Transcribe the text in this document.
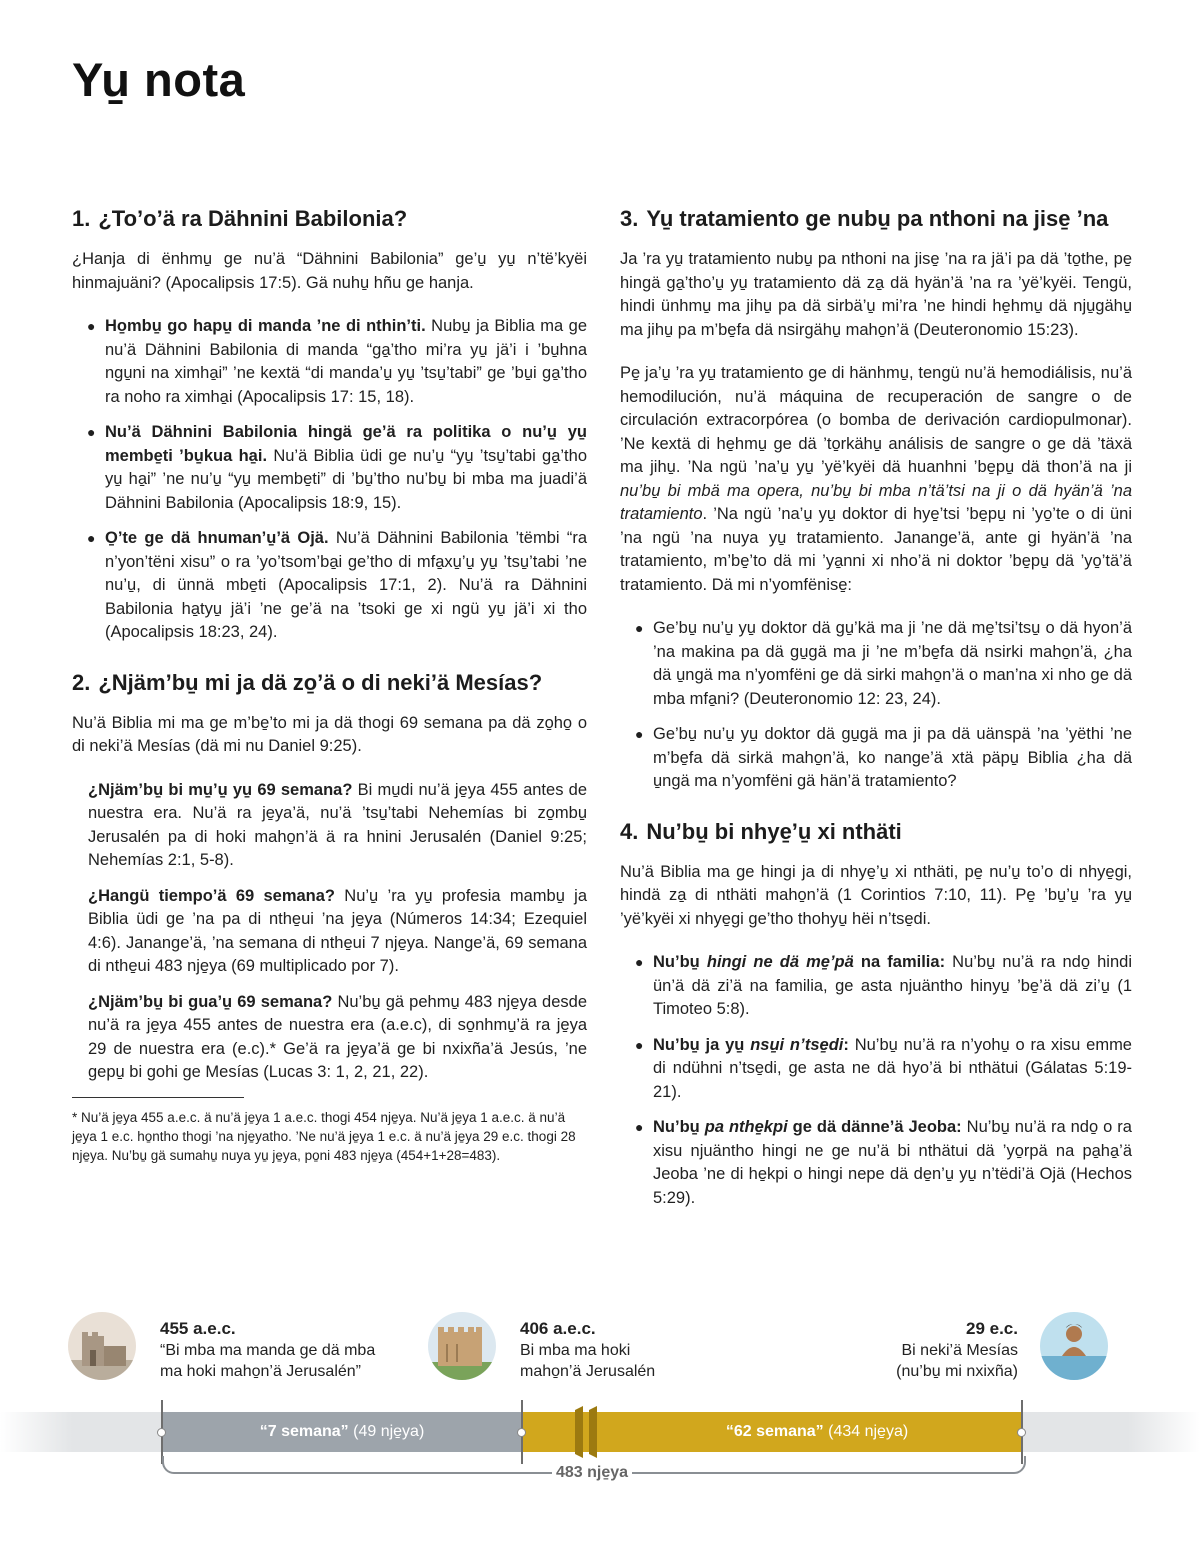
Yu̱ nota
1. ¿To’o’ä ra Dähnini Babilonia?

¿Hanja di ënhmu̱ ge nu’ä “Dähnini Babilonia” ge’u̱ yu̱ n’të’kyëi hinmajuäni? (Apocalipsis 17:5). Gä nuhu̱ hñu ge hanja.

● Ho̱mbu̱ go hapu̱ di manda ’ne di nthin’ti. Nubu̱ ja Biblia ma ge nu’ä Dähnini Babilonia di manda “ga̱’tho mi’ra yu̱ jä’i i ’bu̱hna ngu̱ni na ximha̱i” ’ne kextä “di manda’u̱ yu̱ ’tsu̱’tabi” ge ’bu̱i ga̱’tho ra noho ra ximha̱i (Apocalipsis 17: 15, 18).
● Nu’ä Dähnini Babilonia hingä ge’ä ra politika o nu’u̱ yu̱ membe̱ti ’bu̱kua ha̱i. Nu’ä Biblia üdi ge nu’u̱ “yu̱ ’tsu̱’tabi ga̱’tho yu̱ ha̱i” ’ne nu’u̱ “yu̱ membe̱ti” di ’bu̱’tho nu’bu̱ bi mba ma juadi’ä Dähnini Babilonia (Apocalipsis 18:9, 15).
● O̱’te ge dä hnuman’u̱’ä Ojä. Nu’ä Dähnini Babilonia ’tëmbi “ra n’yon’tëni xisu” o ra ’yo’tsom’ba̱i ge’tho di mfa̱xu̱’u̱ yu̱ ’tsu̱’tabi ’ne nu’u̱, di ünnä mbe̱ti (Apocalipsis 17:1, 2). Nu’ä ra Dähnini Babilonia ha̱tyu̱ jä’i ’ne ge’ä na ’tsoki ge xi ngü yu̱ jä’i xi tho (Apocalipsis 18:23, 24).
2. ¿Njäm’bu̱ mi ja dä zo̱’ä o di neki’ä Mesías?

Nu’ä Biblia mi ma ge m’be̱’to mi ja dä thogi 69 semana pa dä zo̱ho̱ o di neki’ä Mesías (dä mi nu Daniel 9:25).

¿Njäm’bu̱ bi mu̱’u̱ yu̱ 69 semana? Bi mu̱di nu’ä je̱ya 455 antes de nuestra era. Nu’ä ra je̱ya’ä, nu’ä ’tsu̱’tabi Nehemías bi zo̱mbu̱ Jerusalén pa di hoki maho̱n’ä ä ra hnini Jerusalén (Daniel 9:25; Nehemías 2:1, 5-8).
¿Hangü tiempo’ä 69 semana? Nu’u̱ ’ra yu̱ profesia mambu̱ ja Biblia üdi ge ’na pa di nthe̱ui ’na je̱ya (Números 14:34; Ezequiel 4:6). Janange’ä, ’na semana di nthe̱ui 7 nje̱ya. Nange’ä, 69 semana di nthe̱ui 483 nje̱ya (69 multiplicado por 7).
¿Njäm’bu̱ bi gua’u̱ 69 semana? Nu’bu̱ gä pehmu̱ 483 nje̱ya desde nu’ä ra je̱ya 455 antes de nuestra era (a.e.c), di so̱nhmu̱’ä ra je̱ya 29 de nuestra era (e.c).* Ge’ä ra je̱ya’ä ge bi nxixña’ä Jesús, ’ne gepu̱ bi gohi ge Mesías (Lucas 3: 1, 2, 21, 22).
* Nu’ä je̱ya 455 a.e.c. ä nu’ä je̱ya 1 a.e.c. thogi 454 nje̱ya. Nu’ä je̱ya 1 a.e.c. ä nu’ä je̱ya 1 e.c. ho̱ntho thogi ’na nje̱yatho. ’Ne nu’ä je̱ya 1 e.c. ä nu’ä je̱ya 29 e.c. thogi 28 nje̱ya. Nu’bu̱ gä sumahu̱ nuya yu̱ je̱ya, po̱ni 483 nje̱ya (454+1+28=483).
3. Yu̱ tratamiento ge nubu̱ pa nthoni na jise̱ ’na

Ja ’ra yu̱ tratamiento nubu̱ pa nthoni na jise̱ ’na ra jä’i pa dä ’to̱the, pe̱ hingä ga̱’tho’u̱ yu̱ tratamiento dä za̱ dä hyän’ä ’na ra ’yë’kyëi. Tengü, hindi ünhmu̱ ma jihu̱ pa dä sirbä’u̱ mi’ra ’ne hindi he̱hmu̱ dä nju̱gähu̱ ma jihu̱ pa m’be̱fa dä nsirgähu̱ maho̱n’ä (Deuteronomio 15:23).

Pe̱ ja’u̱ ’ra yu̱ tratamiento ge di hänhmu̱, tengü nu’ä hemodiálisis, nu’ä hemodilución, nu’ä máquina de recuperación de sangre o de circulación extracorpórea (o bomba de derivación cardiopulmonar). ’Ne kextä di he̱hmu̱ ge dä ’to̱rkähu̱ análisis de sangre o ge dä ’täxä ma jihu̱. ’Na ngü ’na’u̱ yu̱ ’yë’kyëi dä huanhni ’be̱pu̱ dä thon’ä na ji nu’bu̱ bi mbä ma opera, nu’bu̱ bi mba n’tä’tsi na ji o dä hyän’ä ’na tratamiento. ’Na ngü ’na’u̱ yu̱ doktor di hye̱’tsi ’be̱pu̱ ni ’yo̱’te o di üni ’na ngü ’na nuya yu̱ tratamiento. Janange’ä, ante gi hyän’ä ’na tratamiento, m’be̱’to dä mi ’ya̱nni xi nho’ä ni doktor ’be̱pu̱ dä ’yo̱’tä’ä tratamiento. Dä mi n’yomfënise̱:

● Ge’bu̱ nu’u̱ yu̱ doktor dä gu̱’kä ma ji ’ne dä me̱’tsi’tsu̱ o dä hyon’ä ’na makina pa dä gu̱gä ma ji ’ne m’be̱fa dä nsirki maho̱n’ä, ¿ha dä u̱ngä ma n’yomfëni ge dä sirki maho̱n’ä o man’na xi nho ge dä mba mfa̱ni? (Deuteronomio 12: 23, 24).
● Ge’bu̱ nu’u̱ yu̱ doktor dä gu̱gä ma ji pa dä uänspä ’na ’yëthi ’ne m’be̱fa dä sirkä maho̱n’ä, ko nange’ä xtä päpu̱ Biblia ¿ha dä u̱ngä ma n’yomfëni gä hän’ä tratamiento?
4. Nu’bu̱ bi nhye̱’u̱ xi nthäti

Nu’ä Biblia ma ge hingi ja di nhye̱’u̱ xi nthäti, pe̱ nu’u̱ to’o di nhye̱gi, hindä za̱ di nthäti maho̱n’ä (1 Corintios 7:10, 11). Pe̱ ’bu̱’u̱ ’ra yu̱ ’yë’kyëi xi nhye̱gi ge’tho thohyu̱ hëi n’tse̱di.

● Nu’bu̱ hingi ne dä me̱’pä na familia: Nu’bu̱ nu’ä ra ndo̱ hindi ün’ä dä zi’ä na familia, ge asta njuäntho hinyu̱ ’be̱’ä dä zi’u̱ (1 Timoteo 5:8).
● Nu’bu̱ ja yu̱ nsu̱i n’tse̱di: Nu’bu̱ nu’ä ra n’yohu̱ o ra xisu emme di ndühni n’tse̱di, ge asta ne dä hyo’ä bi nthätui (Gálatas 5:19-21).
● Nu’bu̱ pa nthe̱kpi ge dä dänne’ä Jeoba: Nu’bu̱ nu’ä ra ndo̱ o ra xisu njuäntho hingi ne ge nu’ä bi nthätui dä ’yo̱rpä na pa̱ha̱’ä Jeoba ’ne di he̱kpi o hingi nepe dä de̱n’u̱ yu̱ n’tëdi’ä Ojä (Hechos 5:29).
455 a.e.c.
“Bi mba ma manda ge dä mba
ma hoki maho̱n’ä Jerusalén”
406 a.e.c.
Bi mba ma hoki
maho̱n’ä Jerusalén
29 e.c.
Bi neki’ä Mesías
(nu’bu̱ mi nxixña)
“7 semana” (49 nje̱ya)	“62 semana” (434 nje̱ya)
483 nje̱ya
